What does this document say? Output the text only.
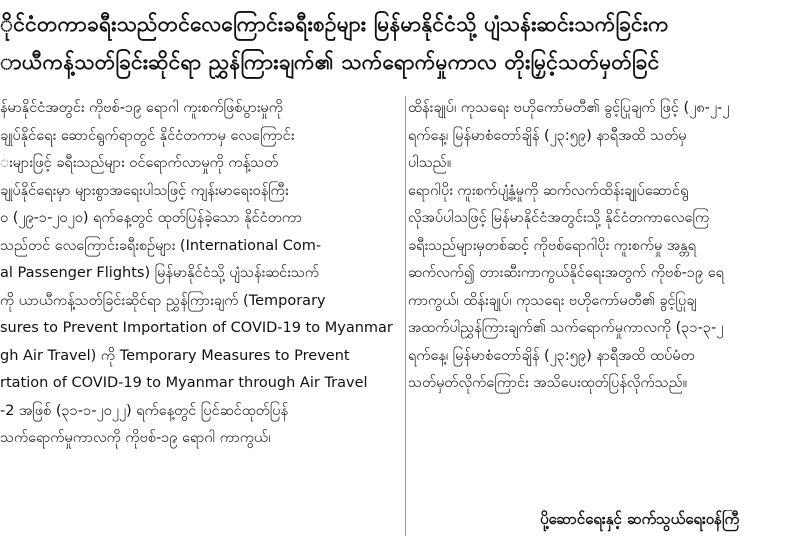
ိုင်ငံတကာခရီးသည်တင်လေကြောင်းခရီးစဉ်များ မြန်မာနိုင်ငံသို့ ပျံသန်းဆင်းသက်ခြင်းက
ာယီကန့်သတ်ခြင်းဆိုင်ရာ ညွှန်ကြားချက်၏ သက်ရောက်မှုကာလ တိုးမြှင့်သတ်မှတ်ခြင်
န်မာနိုင်ငံအတွင်း ကိုဗစ်-၁၉ ရောဂါ ကူးစက်ဖြစ်ပွားမှုကို
ချုပ်နိုင်ရေး ဆောင်ရွက်ရာတွင် နိုင်ငံတကာမှ လေကြောင်း
းများဖြင့် ခရီးသည်များ ဝင်ရောက်လာမှုကို ကန့်သတ်
ချုပ်နိုင်ရေးမှာ များစွာအရေးပါသဖြင့် ကျန်းမာရေးဝန်ကြီး
ဝ (၂၉-၁-၂၀၂၀) ရက်နေ့တွင် ထုတ်ပြန်ခဲ့သော နိုင်ငံတကာ
သည်တင် လေကြောင်းခရီးစဉ်များ (International Com-
al Passenger Flights) မြန်မာနိုင်ငံသို့ ပျံသန်းဆင်းသက်
ကို ယာယီကန့်သတ်ခြင်းဆိုင်ရာ ညွှန်ကြားချက် (Temporary
sures to Prevent Importation of COVID-19 to Myanmar
gh Air Travel) ကို Temporary Measures to Prevent
rtation of COVID-19 to Myanmar through Air Travel
-2 အဖြစ် (၃၁-၁-၂၀၂၂) ရက်နေ့တွင် ပြင်ဆင်ထုတ်ပြန်
သက်ရောက်မှုကာလကို ကိုဗစ်-၁၉ ရောဂါ ကာကွယ်၊
ထိန်းချုပ်၊ ကုသရေး ဗဟိုကော်မတီ၏ ခွင့်ပြုချက် ဖြင့် (၂၈-၂-၂
ရက်နေ့၊ မြန်မာစံတော်ချိန် (၂၃:၅၉) နာရီအထိ သတ်မှ
ပါသည်။
ရောဂါပိုး ကူးစက်ပျံ့နှံ့မှုကို ဆက်လက်ထိန်းချုပ်ဆောင်ရွ
လိုအပ်ပါသဖြင့် မြန်မာနိုင်ငံအတွင်းသို့ နိုင်ငံတကာလေကြေ
ခရီးသည်များမှတစ်ဆင့် ကိုဗစ်ရောဂါပိုး ကူးစက်မှု အန္တရ
ဆက်လက်၍ တားဆီးကာကွယ်နိုင်ရေးအတွက် ကိုဗစ်-၁၉ ရေ
ကာကွယ်၊ ထိန်းချုပ်၊ ကုသရေး ဗဟိုကော်မတီ၏ ခွင့်ပြုချ
အထက်ပါညွှန်ကြားချက်၏ သက်ရောက်မှုကာလကို (၃၁-၃-၂
ရက်နေ့၊ မြန်မာစံတော်ချိန် (၂၃:၅၉) နာရီအထိ ထပ်မံတ
သတ်မှတ်လိုက်ကြောင်း အသိပေးထုတ်ပြန်လိုက်သည်။
ပို့ဆောင်ရေးနှင့် ဆက်သွယ်ရေးဝန်ကြီ
